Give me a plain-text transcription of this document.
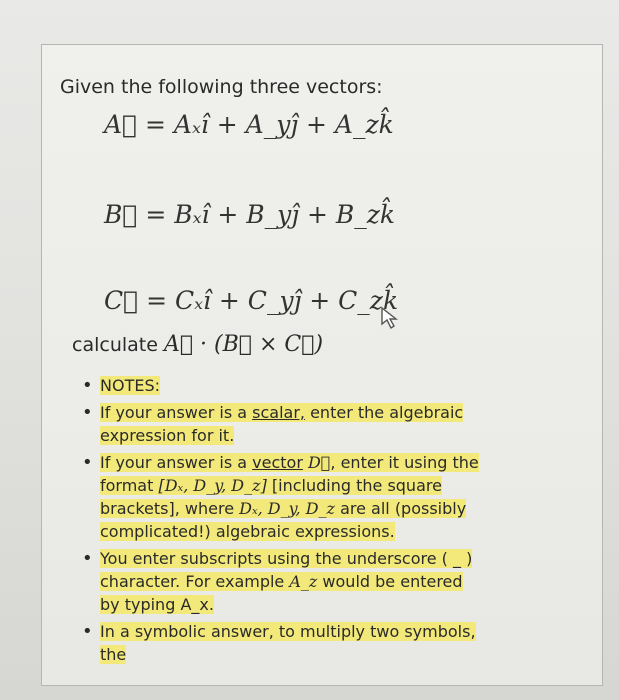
Given the following three vectors:
A⃗ = Aₓî + A_yĵ + A_zk̂
B⃗ = Bₓî + B_yĵ + B_zk̂
C⃗ = Cₓî + C_yĵ + C_zk̂
calculate A⃗ · (B⃗ × C⃗)
• NOTES:
• If your answer is a scalar, enter the algebraic expression for it.
• If your answer is a vector D⃗, enter it using the format [Dₓ, D_y, D_z] [including the square brackets], where Dₓ, D_y, D_z are all (possibly complicated!) algebraic expressions.
• You enter subscripts using the underscore ( _ ) character. For example A_z would be entered by typing A_x.
• In a symbolic answer, to multiply two symbols, the
